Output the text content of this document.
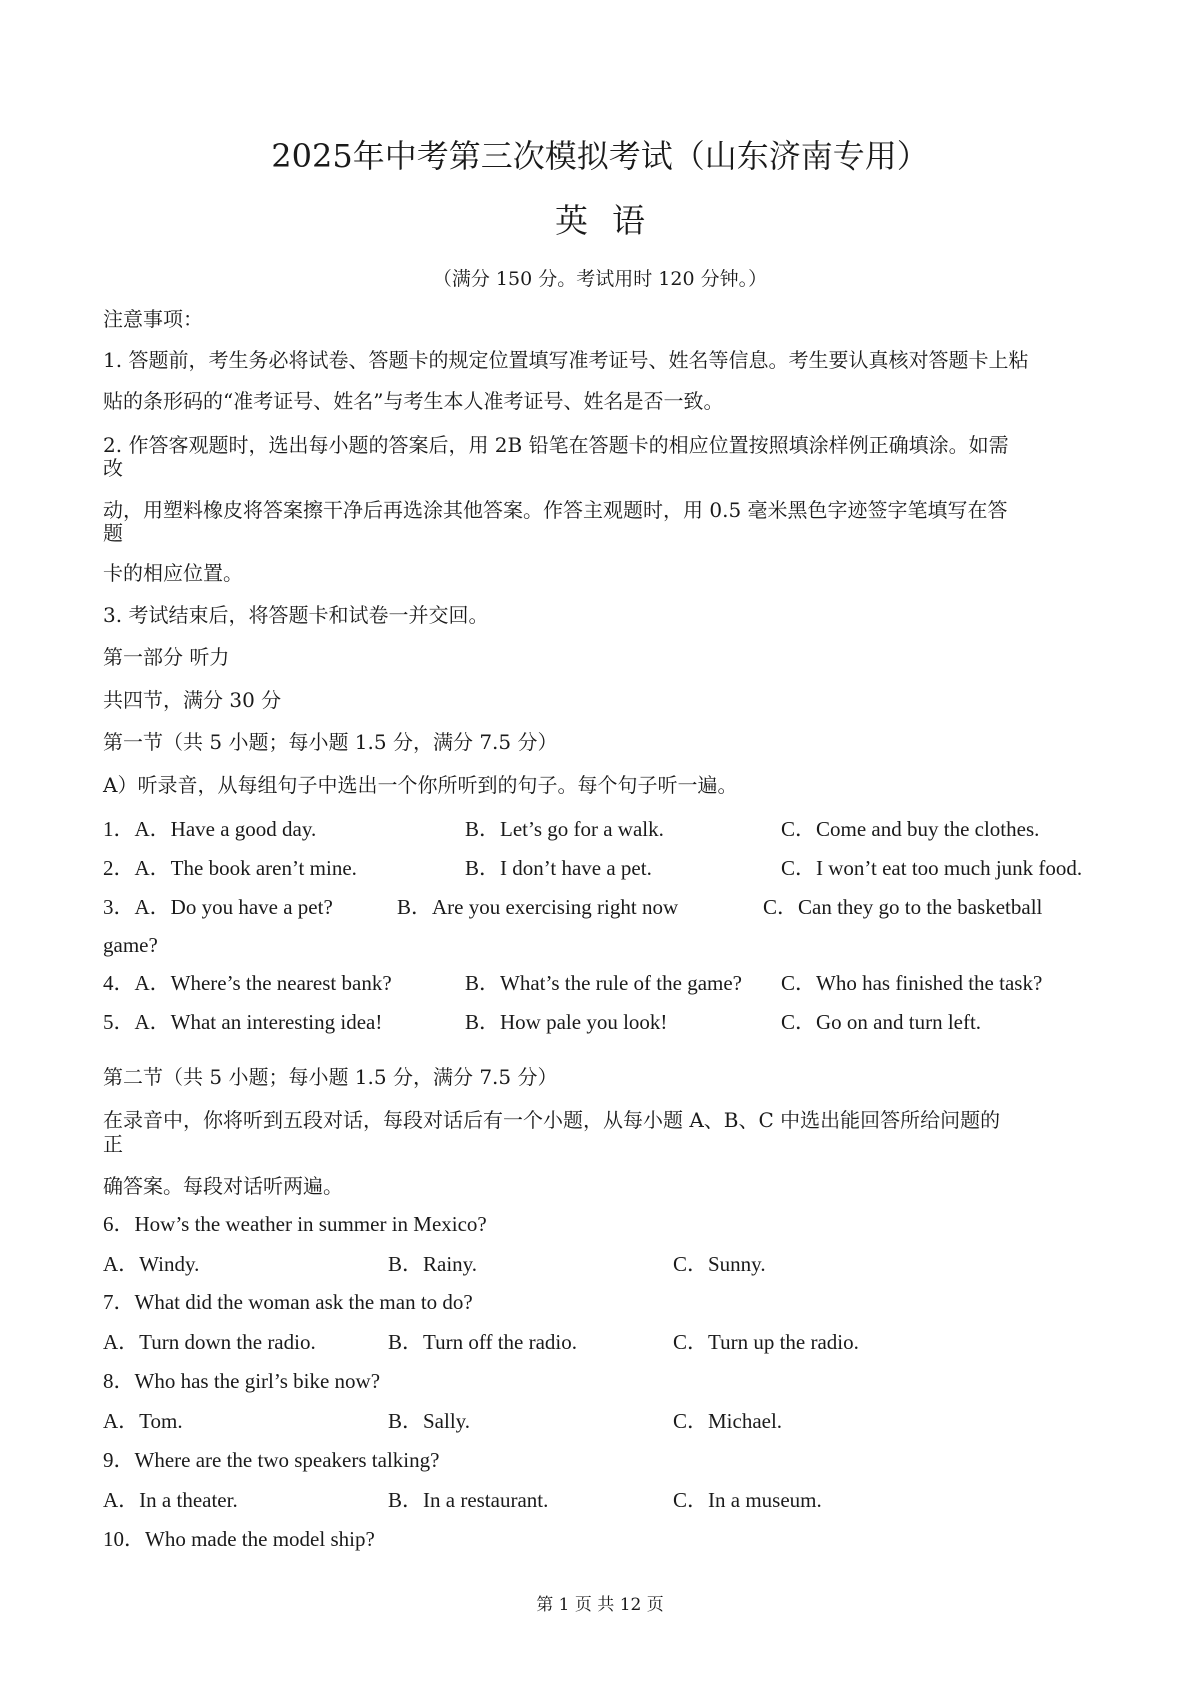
2025年中考第三次模拟考试（山东济南专用）
英语
（满分 150 分。考试用时 120 分钟。）
注意事项：
1. 答题前，考生务必将试卷、答题卡的规定位置填写准考证号、姓名等信息。考生要认真核对答题卡上粘
贴的条形码的“准考证号、姓名”与考生本人准考证号、姓名是否一致。
2. 作答客观题时，选出每小题的答案后，用 2B 铅笔在答题卡的相应位置按照填涂样例正确填涂。如需
改
动，用塑料橡皮将答案擦干净后再选涂其他答案。作答主观题时，用 0.5 毫米黑色字迹签字笔填写在答
题
卡的相应位置。
3. 考试结束后，将答题卡和试卷一并交回。
第一部分 听力
共四节，满分 30 分
第一节（共 5 小题；每小题 1.5 分，满分 7.5 分）
A）听录音，从每组句子中选出一个你所听到的句子。每个句子听一遍。
1．A．Have a good day.	B．Let’s go for a walk.	C．Come and buy the clothes.
2．A．The book aren’t mine.	B．I don’t have a pet.	C．I won’t eat too much junk food.
3．A．Do you have a pet?	B．Are you exercising right now	C．Can they go to the basketball
game?
4．A．Where’s the nearest bank?	B．What’s the rule of the game? C．Who has finished the task?
5．A．What an interesting idea!	B．How pale you look!	C．Go on and turn left.
第二节（共 5 小题；每小题 1.5 分，满分 7.5 分）
在录音中，你将听到五段对话，每段对话后有一个小题，从每小题 A、B、C 中选出能回答所给问题的
正
确答案。每段对话听两遍。
6．How’s the weather in summer in Mexico?
A．Windy.	B．Rainy.	C．Sunny.
7．What did the woman ask the man to do?
A．Turn down the radio.	B．Turn off the radio.	C．Turn up the radio.
8．Who has the girl’s bike now?
A．Tom.	B．Sally.	C．Michael.
9．Where are the two speakers talking?
A．In a theater.	B．In a restaurant.	C．In a museum.
10．Who made the model ship?
第 1 页 共 12 页
